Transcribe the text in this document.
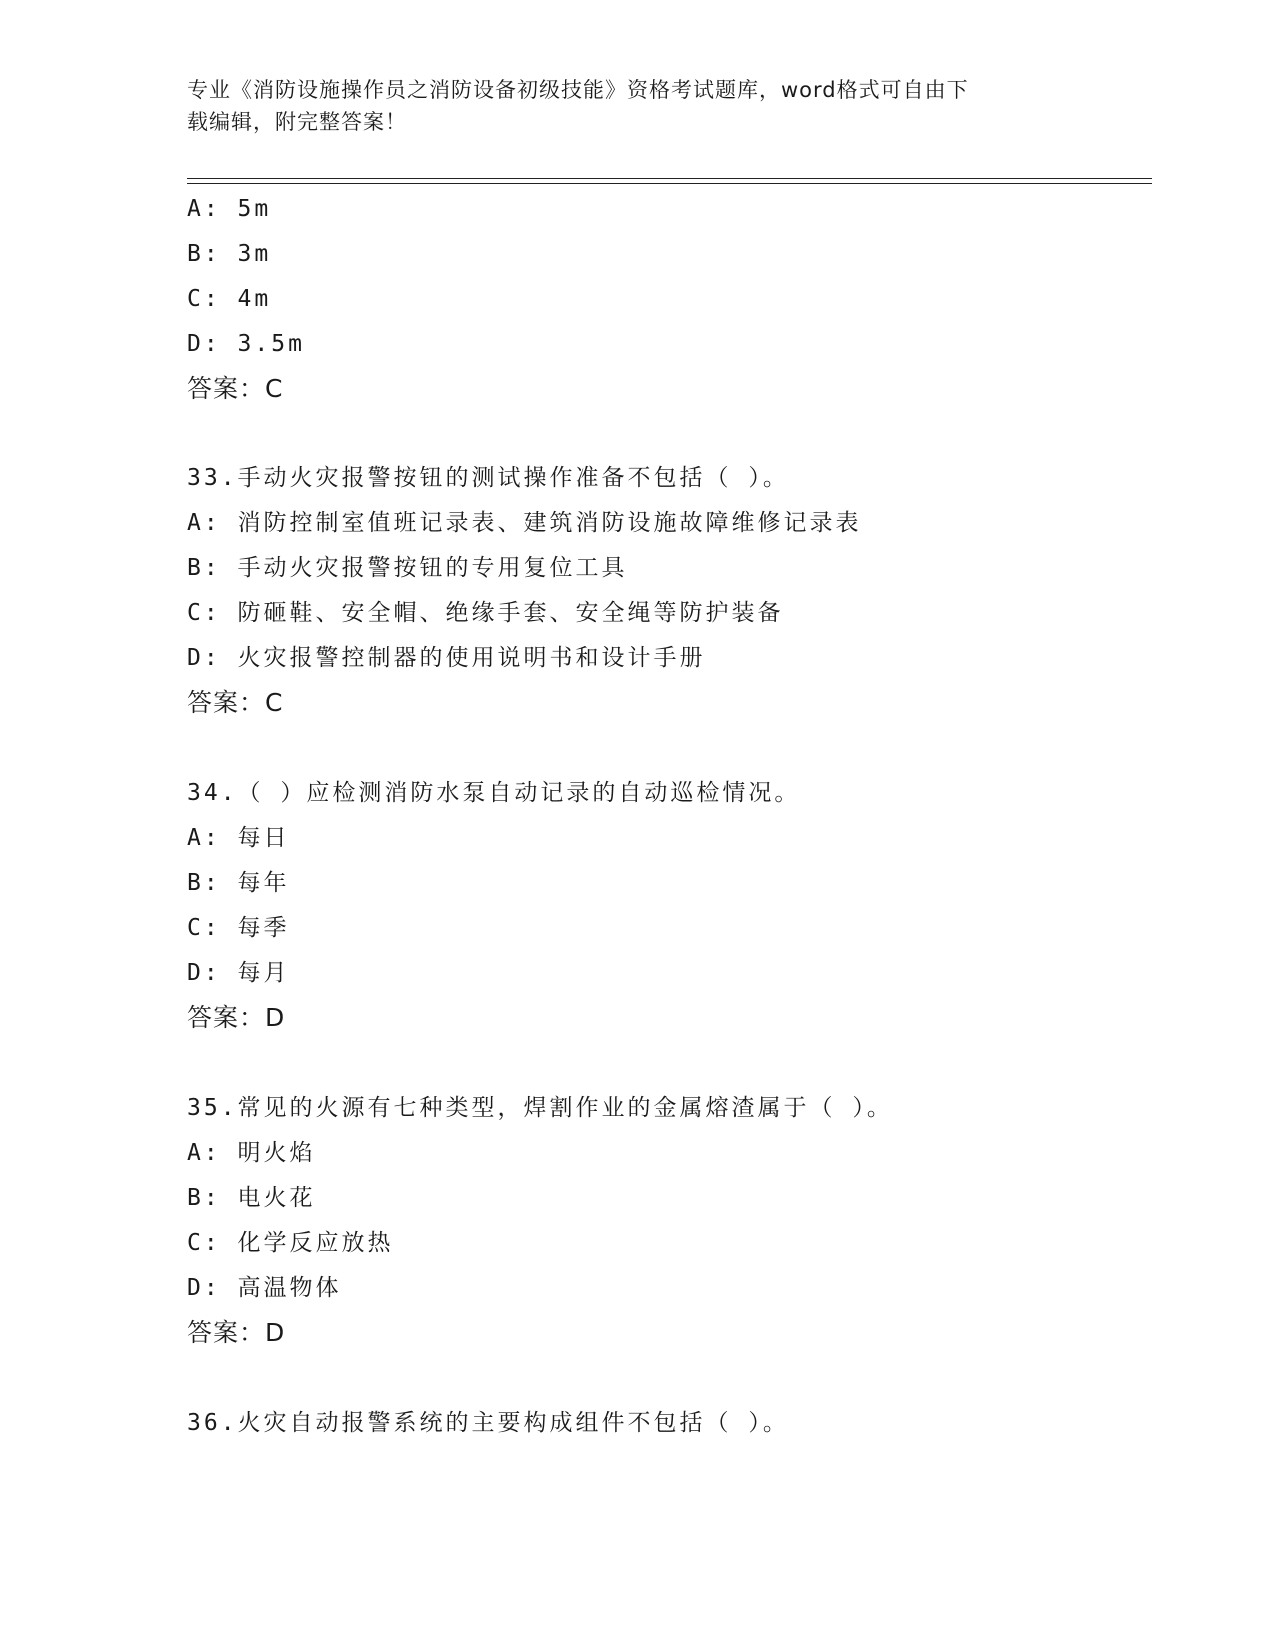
专业《消防设施操作员之消防设备初级技能》资格考试题库，word格式可自由下
载编辑，附完整答案！
A: 5m
B: 3m
C: 4m
D: 3.5m
答案：C
33.手动火灾报警按钮的测试操作准备不包括（ ）。
A: 消防控制室值班记录表、建筑消防设施故障维修记录表
B: 手动火灾报警按钮的专用复位工具
C: 防砸鞋、安全帽、绝缘手套、安全绳等防护装备
D: 火灾报警控制器的使用说明书和设计手册
答案：C
34.（ ）应检测消防水泵自动记录的自动巡检情况。
A: 每日
B: 每年
C: 每季
D: 每月
答案：D
35.常见的火源有七种类型，焊割作业的金属熔渣属于（ ）。
A: 明火焰
B: 电火花
C: 化学反应放热
D: 高温物体
答案：D
36.火灾自动报警系统的主要构成组件不包括（ ）。
